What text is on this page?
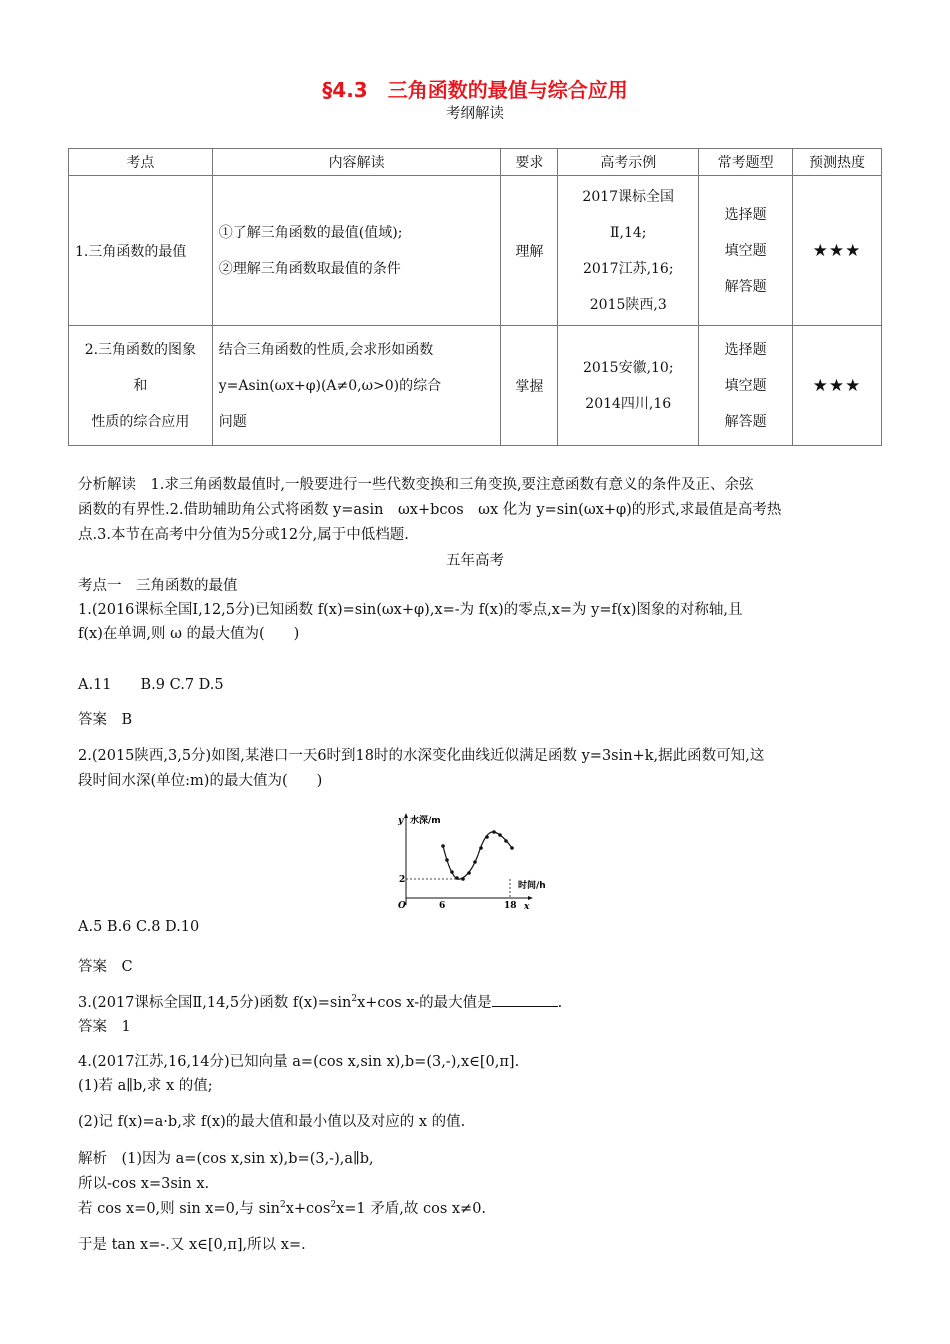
§4.3　三角函数的最值与综合应用
考纲解读
考点	内容解读	要求	高考示例	常考题型	预测热度
1.三角函数的最值	①了解三角函数的最值(值域);
②理解三角函数取最值的条件	理解	2017课标全国
Ⅱ,14;
2017江苏,16;
2015陕西,3	选择题
填空题
解答题	★★★

2.三角函数的图象
和
性质的综合应用	结合三角函数的性质,会求形如函数
y=Asin(ωx+φ)(A≠0,ω>0)的综合
问题	掌握	2015安徽,10;
2014四川,16	选择题
填空题
解答题	★★★
分析解读　1.求三角函数最值时,一般要进行一些代数变换和三角变换,要注意函数有意义的条件及正、余弦
函数的有界性.2.借助辅助角公式将函数 y=asin　ωx+bcos　ωx 化为 y=sin(ωx+φ)的形式,求最值是高考热
点.3.本节在高考中分值为5分或12分,属于中低档题.
五年高考
考点一　三角函数的最值
1.(2016课标全国Ⅰ,12,5分)已知函数 f(x)=sin(ωx+φ),x=-为 f(x)的零点,x=为 y=f(x)图象的对称轴,且
f(x)在单调,则 ω 的最大值为(　　)
A.11　　B.9 C.7 D.5
答案　B
2.(2015陕西,3,5分)如图,某港口一天6时到18时的水深变化曲线近似满足函数 y=3sin+k,据此函数可知,这
段时间水深(单位:m)的最大值为(　　)
y 水深/m
时间/h
x
O	6	18
2
A.5 B.6 C.8 D.10
答案　C
3.(2017课标全国Ⅱ,14,5分)函数 $f(x)=\sin^2x+\cos$ x-的最大值是	.
答案　1
4.(2017江苏,16,14分)已知向量 a=(cos x,sin x),b=(3,-),x∈[0,π].
(1)若 a∥b,求 x 的值;
(2)记 f(x)=a·b,求 f(x)的最大值和最小值以及对应的 x 的值.
解析　(1)因为 a=(cos x,sin x),b=(3,-),a∥b,
所以-cos x=3sin x.
若 cos x=0,则 sin x=0,与 $\sin^2x+\cos^2x=1$ 矛盾,故 cos x≠0.
于是 tan x=-.又 x∈[0,π],所以 x=.
